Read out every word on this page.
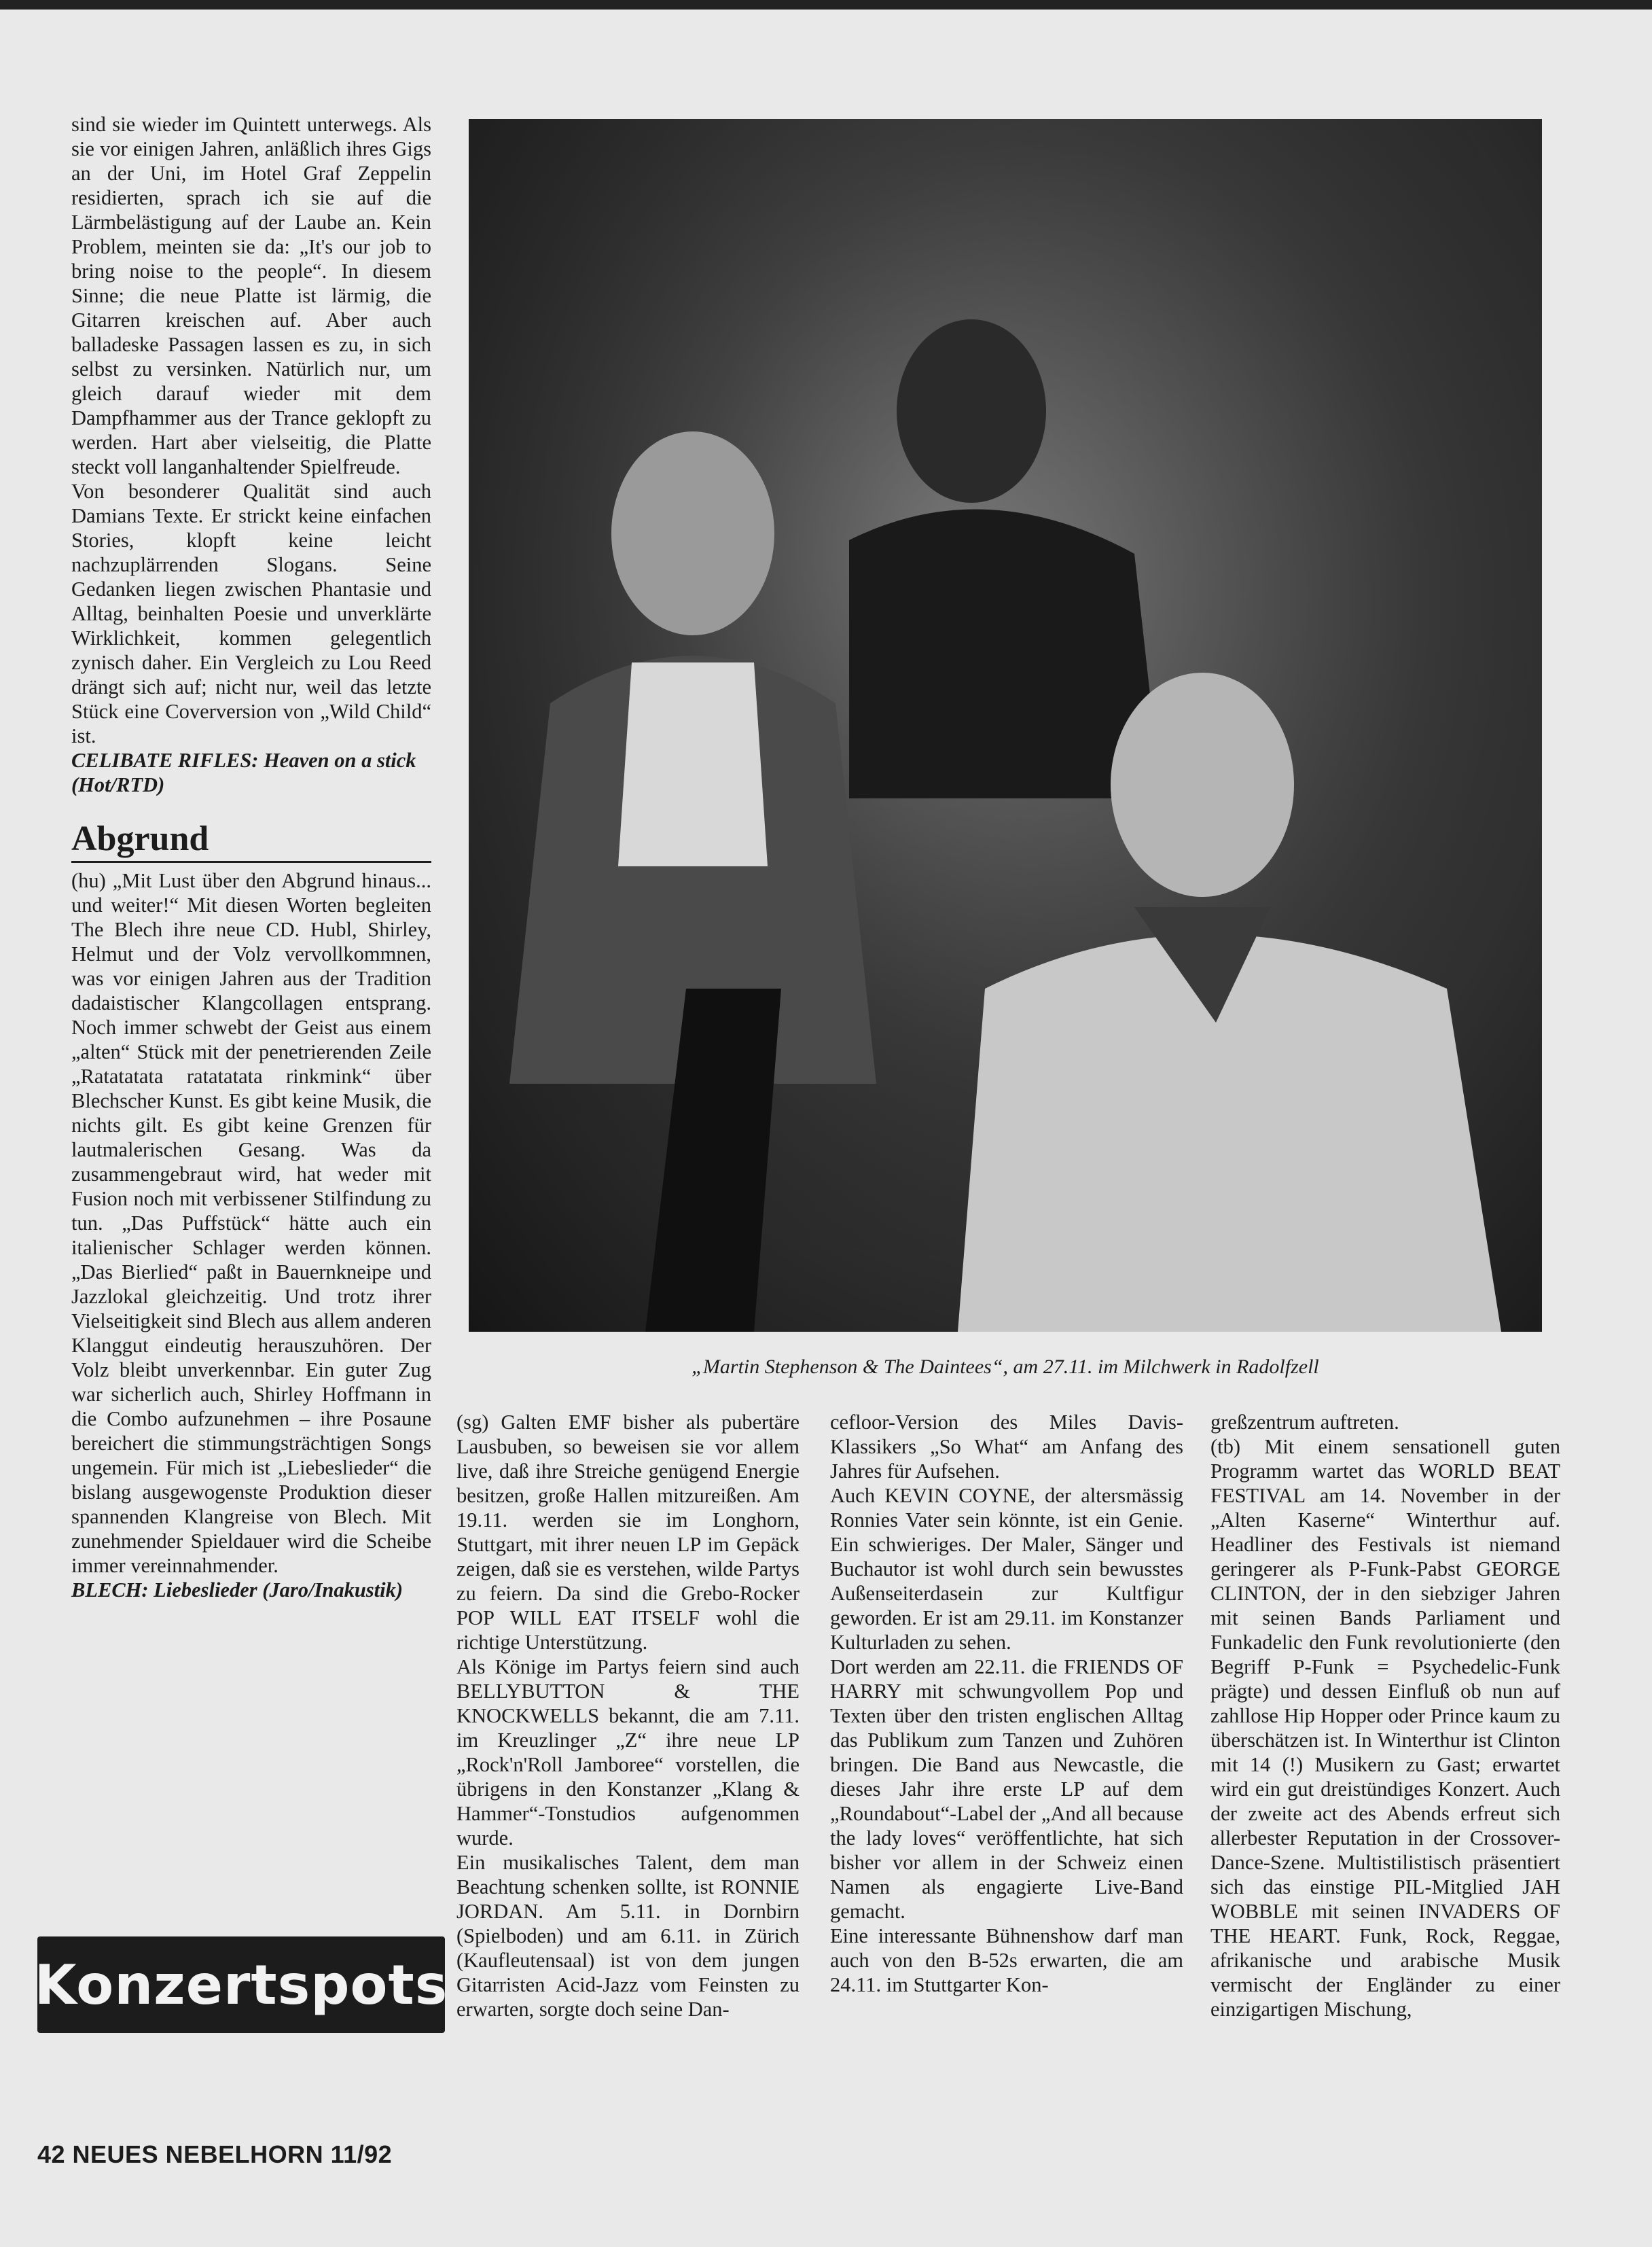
sind sie wieder im Quintett unterwegs. Als sie vor einigen Jahren, anläßlich ihres Gigs an der Uni, im Hotel Graf Zeppelin residierten, sprach ich sie auf die Lärmbelästigung auf der Laube an. Kein Problem, meinten sie da: „It's our job to bring noise to the people“. In diesem Sinne; die neue Platte ist lärmig, die Gitarren kreischen auf. Aber auch balladeske Passagen lassen es zu, in sich selbst zu versinken. Natürlich nur, um gleich darauf wieder mit dem Dampfhammer aus der Trance geklopft zu werden. Hart aber vielseitig, die Platte steckt voll langanhaltender Spielfreude.

Von besonderer Qualität sind auch Damians Texte. Er strickt keine einfachen Stories, klopft keine leicht nachzuplärrenden Slogans. Seine Gedanken liegen zwischen Phantasie und Alltag, beinhalten Poesie und unverklärte Wirklichkeit, kommen gelegentlich zynisch daher. Ein Vergleich zu Lou Reed drängt sich auf; nicht nur, weil das letzte Stück eine Coverversion von „Wild Child“ ist.

CELIBATE RIFLES: Heaven on a stick (Hot/RTD)

Abgrund

(hu) „Mit Lust über den Abgrund hinaus... und weiter!“ Mit diesen Worten begleiten The Blech ihre neue CD. Hubl, Shirley, Helmut und der Volz vervollkommnen, was vor einigen Jahren aus der Tradition dadaistischer Klangcollagen entsprang. Noch immer schwebt der Geist aus einem „alten“ Stück mit der penetrierenden Zeile „Ratatatata ratatatata rinkmink“ über Blechscher Kunst. Es gibt keine Musik, die nichts gilt. Es gibt keine Grenzen für lautmalerischen Gesang. Was da zusammengebraut wird, hat weder mit Fusion noch mit verbissener Stilfindung zu tun. „Das Puffstück“ hätte auch ein italienischer Schlager werden können. „Das Bierlied“ paßt in Bauernkneipe und Jazzlokal gleichzeitig. Und trotz ihrer Vielseitigkeit sind Blech aus allem anderen Klanggut eindeutig herauszuhören. Der Volz bleibt unverkennbar. Ein guter Zug war sicherlich auch, Shirley Hoffmann in die Combo aufzunehmen – ihre Posaune bereichert die stimmungsträchtigen Songs ungemein. Für mich ist „Liebeslieder“ die bislang ausgewogenste Produktion dieser spannenden Klangreise von Blech. Mit zunehmender Spieldauer wird die Scheibe immer vereinnahmender.

BLECH: Liebeslieder (Jaro/Inakustik)

„Martin Stephenson & The Daintees“, am 27.11. im Milchwerk in Radolfzell

(sg) Galten EMF bisher als pubertäre Lausbuben, so beweisen sie vor allem live, daß ihre Streiche genügend Energie besitzen, große Hallen mitzureißen. Am 19.11. werden sie im Longhorn, Stuttgart, mit ihrer neuen LP im Gepäck zeigen, daß sie es verstehen, wilde Partys zu feiern. Da sind die Grebo-Rocker POP WILL EAT ITSELF wohl die richtige Unterstützung.

Als Könige im Partys feiern sind auch BELLYBUTTON & THE KNOCKWELLS bekannt, die am 7.11. im Kreuzlinger „Z“ ihre neue LP „Rock'n'Roll Jamboree“ vorstellen, die übrigens in den Konstanzer „Klang & Hammer“-Tonstudios aufgenommen wurde.

Ein musikalisches Talent, dem man Beachtung schenken sollte, ist RONNIE JORDAN. Am 5.11. in Dornbirn (Spielboden) und am 6.11. in Zürich (Kaufleutensaal) ist von dem jungen Gitarristen Acid-Jazz vom Feinsten zu erwarten, sorgte doch seine Dan-

cefloor-Version des Miles Davis-Klassikers „So What“ am Anfang des Jahres für Aufsehen.

Auch KEVIN COYNE, der altersmässig Ronnies Vater sein könnte, ist ein Genie. Ein schwieriges. Der Maler, Sänger und Buchautor ist wohl durch sein bewusstes Außenseiterdasein zur Kultfigur geworden. Er ist am 29.11. im Konstanzer Kulturladen zu sehen.

Dort werden am 22.11. die FRIENDS OF HARRY mit schwungvollem Pop und Texten über den tristen englischen Alltag das Publikum zum Tanzen und Zuhören bringen. Die Band aus Newcastle, die dieses Jahr ihre erste LP auf dem „Roundabout“-Label der „And all because the lady loves“ veröffentlichte, hat sich bisher vor allem in der Schweiz einen Namen als engagierte Live-Band gemacht.

Eine interessante Bühnenshow darf man auch von den B-52s erwarten, die am 24.11. im Stuttgarter Kon-

greßzentrum auftreten.

(tb) Mit einem sensationell guten Programm wartet das WORLD BEAT FESTIVAL am 14. November in der „Alten Kaserne“ Winterthur auf. Headliner des Festivals ist niemand geringerer als P-Funk-Pabst GEORGE CLINTON, der in den siebziger Jahren mit seinen Bands Parliament und Funkadelic den Funk revolutionierte (den Begriff P-Funk = Psychedelic-Funk prägte) und dessen Einfluß ob nun auf zahllose Hip Hopper oder Prince kaum zu überschätzen ist. In Winterthur ist Clinton mit 14 (!) Musikern zu Gast; erwartet wird ein gut dreistündiges Konzert. Auch der zweite act des Abends erfreut sich allerbester Reputation in der Crossover-Dance-Szene. Multistilistisch präsentiert sich das einstige PIL-Mitglied JAH WOBBLE mit seinen INVADERS OF THE HEART. Funk, Rock, Reggae, afrikanische und arabische Musik vermischt der Engländer zu einer einzigartigen Mischung,

Konzertspots
42 NEUES NEBELHORN 11/92
